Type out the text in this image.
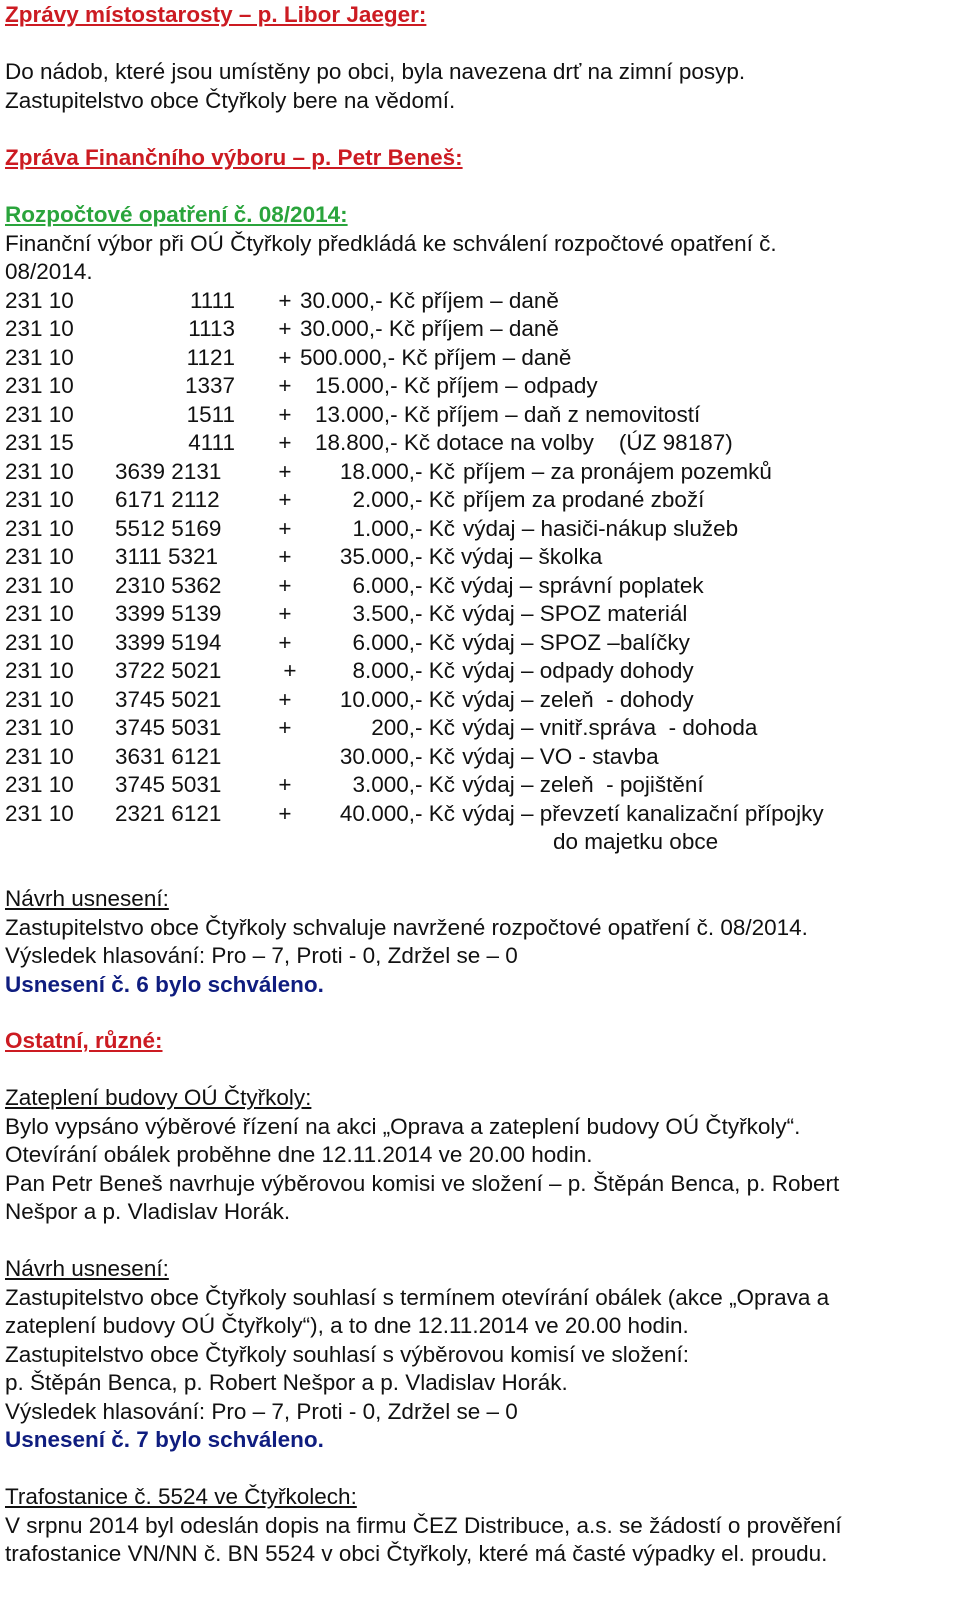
Zprávy místostarosty – p. Libor Jaeger:
Do nádob, které jsou umístěny po obci, byla navezena drť na zimní posyp.
Zastupitelstvo obce Čtyřkoly bere na vědomí.
Zpráva Finančního výboru – p. Petr Beneš:
Rozpočtové opatření č. 08/2014:
Finanční výbor při OÚ Čtyřkoly předkládá ke schválení rozpočtové opatření č.
08/2014.
231 10	1111 + 30.000,- Kč příjem – daně
231 10	1113 + 30.000,- Kč příjem – daně
231 10	1121 + 500.000,- Kč příjem – daně
231 10	1337 + 15.000,- Kč příjem – odpady
231 10	1511 + 13.000,- Kč příjem – daň z nemovitostí
231 15	4111 + 18.800,- Kč dotace na volby    (ÚZ 98187)
231 10 3639 2131	+	18.000,- Kč příjem – za pronájem pozemků
231 10 6171 2112	+	2.000,- Kč příjem za prodané zboží
231 10 5512 5169	+	1.000,- Kč výdaj – hasiči-nákup služeb
231 10 3111 5321	+	35.000,- Kč výdaj – školka
231 10 2310 5362	+	6.000,- Kč výdaj – správní poplatek
231 10 3399 5139	+	3.500,- Kč výdaj – SPOZ materiál
231 10 3399 5194	+	6.000,- Kč výdaj – SPOZ –balíčky
231 10 3722 5021	+	8.000,- Kč výdaj – odpady dohody
231 10 3745 5021	+	10.000,- Kč výdaj – zeleň  - dohody
231 10 3745 5031	+	200,- Kč výdaj – vnitř.správa  - dohoda
231 10 3631 6121	30.000,- Kč výdaj – VO - stavba
231 10 3745 5031	+	3.000,- Kč výdaj – zeleň  - pojištění
231 10 2321 6121	+	40.000,- Kč výdaj – převzetí kanalizační přípojky
do majetku obce
Návrh usnesení:
Zastupitelstvo obce Čtyřkoly schvaluje navržené rozpočtové opatření č. 08/2014.
Výsledek hlasování: Pro – 7, Proti - 0, Zdržel se – 0
Usnesení č. 6 bylo schváleno.
Ostatní, různé:
Zateplení budovy OÚ Čtyřkoly:
Bylo vypsáno výběrové řízení na akci „Oprava a zateplení budovy OÚ Čtyřkoly“.
Otevírání obálek proběhne dne 12.11.2014 ve 20.00 hodin.
Pan Petr Beneš navrhuje výběrovou komisi ve složení – p. Štěpán Benca, p. Robert
Nešpor a p. Vladislav Horák.
Návrh usnesení:
Zastupitelstvo obce Čtyřkoly souhlasí s termínem otevírání obálek (akce „Oprava a
zateplení budovy OÚ Čtyřkoly“), a to dne 12.11.2014 ve 20.00 hodin.
Zastupitelstvo obce Čtyřkoly souhlasí s výběrovou komisí ve složení:
p. Štěpán Benca, p. Robert Nešpor a p. Vladislav Horák.
Výsledek hlasování: Pro – 7, Proti - 0, Zdržel se – 0
Usnesení č. 7 bylo schváleno.
Trafostanice č. 5524 ve Čtyřkolech:
V srpnu 2014 byl odeslán dopis na firmu ČEZ Distribuce, a.s. se žádostí o prověření
trafostanice VN/NN č. BN 5524 v obci Čtyřkoly, které má časté výpadky el. proudu.
